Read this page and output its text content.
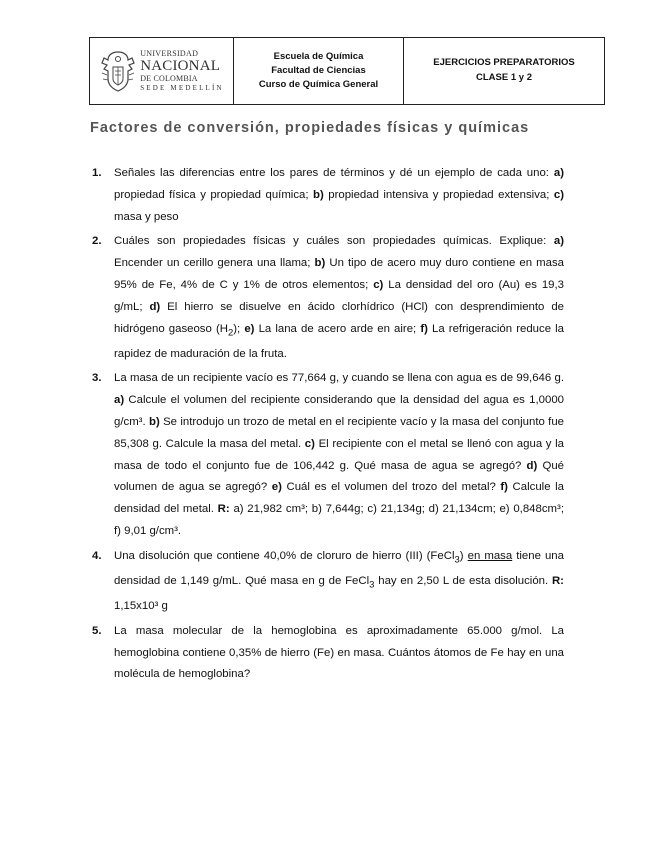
UNIVERSIDAD
NACIONAL
DE COLOMBIA
SEDE MEDELLÍN
Escuela de Química
Facultad de Ciencias
Curso de Química General
EJERCICIOS PREPARATORIOS
CLASE 1 y 2
Factores de conversión, propiedades físicas y químicas
1. Señales las diferencias entre los pares de términos y dé un ejemplo de cada uno: a) propiedad física y propiedad química; b) propiedad intensiva y propiedad extensiva; c) masa y peso
2. Cuáles son propiedades físicas y cuáles son propiedades químicas. Explique: a) Encender un cerillo genera una llama; b) Un tipo de acero muy duro contiene en masa 95% de Fe, 4% de C y 1% de otros elementos; c) La densidad del oro (Au) es 19,3 g/mL; d) El hierro se disuelve en ácido clorhídrico (HCl) con desprendimiento de hidrógeno gaseoso $(H_2)$; e) La lana de acero arde en aire; f) La refrigeración reduce la rapidez de maduración de la fruta.
3. La masa de un recipiente vacío es 77,664 g, y cuando se llena con agua es de 99,646 g. a) Calcule el volumen del recipiente considerando que la densidad del agua es 1,0000 g/cm³. b) Se introdujo un trozo de metal en el recipiente vacío y la masa del conjunto fue 85,308 g. Calcule la masa del metal. c) El recipiente con el metal se llenó con agua y la masa de todo el conjunto fue de 106,442 g. Qué masa de agua se agregó? d) Qué volumen de agua se agregó? e) Cuál es el volumen del trozo del metal? f) Calcule la densidad del metal. R: a) 21,982 cm³; b) 7,644g; c) 21,134g; d) 21,134cm; e) 0,848cm³; f) 9,01 g/cm³.
4. Una disolución que contiene 40,0% de cloruro de hierro (III) (FeCl$_3$) en masa tiene una densidad de 1,149 g/mL. Qué masa en g de FeCl$_3$ hay en 2,50 L de esta disolución. R: 1,15x10³ g
5. La masa molecular de la hemoglobina es aproximadamente 65.000 g/mol. La hemoglobina contiene 0,35% de hierro (Fe) en masa. Cuántos átomos de Fe hay en una molécula de hemoglobina?
